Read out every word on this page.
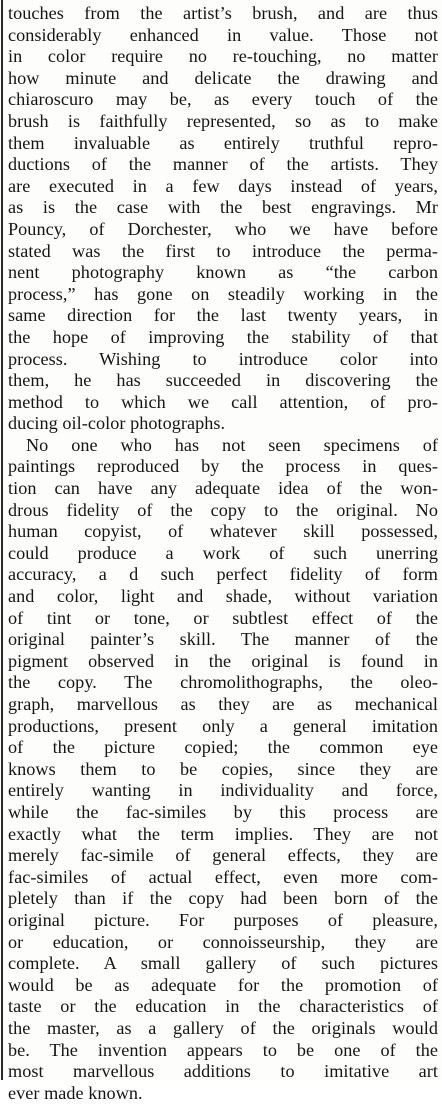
touches from the artist’s brush, and are thus
considerably enhanced in value. Those not
in color require no re-touching, no matter
how minute and delicate the drawing and
chiaroscuro may be, as every touch of the
brush is faithfully represented, so as to make
them invaluable as entirely truthful repro-
ductions of the manner of the artists. They
are executed in a few days instead of years,
as is the case with the best engravings. Mr
Pouncy, of Dorchester, who we have before
stated was the first to introduce the perma-
nent photography known as “the carbon
process,” has gone on steadily working in the
same direction for the last twenty years, in
the hope of improving the stability of that
process. Wishing to introduce color into
them, he has succeeded in discovering the
method to which we call attention, of pro-
ducing oil-color photographs.
No one who has not seen specimens of
paintings reproduced by the process in ques-
tion can have any adequate idea of the won-
drous fidelity of the copy to the original. No
human copyist, of whatever skill possessed,
could produce a work of such unerring
accuracy, a d such perfect fidelity of form
and color, light and shade, without variation
of tint or tone, or subtlest effect of the
original painter’s skill. The manner of the
pigment observed in the original is found in
the copy. The chromolithographs, the oleo-
graph, marvellous as they are as mechanical
productions, present only a general imitation
of the picture copied; the common eye
knows them to be copies, since they are
entirely wanting in individuality and force,
while the fac-similes by this process are
exactly what the term implies. They are not
merely fac-simile of general effects, they are
fac-similes of actual effect, even more com-
pletely than if the copy had been born of the
original picture. For purposes of pleasure,
or education, or connoisseurship, they are
complete. A small gallery of such pictures
would be as adequate for the promotion of
taste or the education in the characteristics of
the master, as a gallery of the originals would
be. The invention appears to be one of the
most marvellous additions to imitative art
ever made known.
